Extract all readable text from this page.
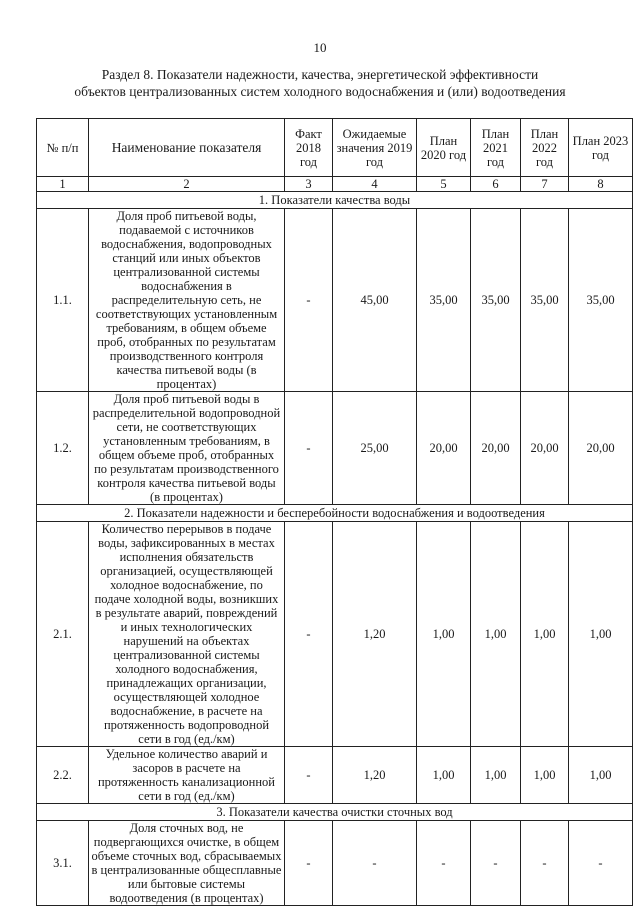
10
Раздел 8. Показатели надежности, качества, энергетической эффективности
объектов централизованных систем холодного водоснабжения и (или) водоотведения
№ п/п	Наименование показателя	Факт 2018 год	Ожидаемые значения 2019 год	План 2020 год	План 2021 год	План 2022 год	План 2023 год
1	2	3	4	5	6	7	8
1. Показатели качества воды							
1.1.	Доля проб питьевой воды, подаваемой с источников водоснабжения, водопроводных станций или иных объектов централизованной системы водоснабжения в распределительную сеть, не соответствующих установленным требованиям, в общем объеме проб, отобранных по результатам производственного контроля качества питьевой воды (в процентах)	-	45,00	35,00	35,00	35,00	35,00
1.2.	Доля проб питьевой воды в распределительной водопроводной сети, не соответствующих установленным требованиям, в общем объеме проб, отобранных по результатам производственного контроля качества питьевой воды (в процентах)	-	25,00	20,00	20,00	20,00	20,00
2. Показатели надежности и бесперебойности водоснабжения и водоотведения							
2.1.	Количество перерывов в подаче воды, зафиксированных в местах исполнения обязательств организацией, осуществляющей холодное водоснабжение, по подаче холодной воды, возникших в результате аварий, повреждений и иных технологических нарушений на объектах централизованной системы холодного водоснабжения, принадлежащих организации, осуществляющей холодное водоснабжение, в расчете на протяженность водопроводной сети в год (ед./км)	-	1,20	1,00	1,00	1,00	1,00
2.2.	Удельное количество аварий и засоров в расчете на протяженность канализационной сети в год (ед./км)	-	1,20	1,00	1,00	1,00	1,00
3. Показатели качества очистки сточных вод							
3.1.	Доля сточных вод, не подвергающихся очистке, в общем объеме сточных вод, сбрасываемых в централизованные общесплавные или бытовые системы водоотведения (в процентах)	-	-	-	-	-	-
